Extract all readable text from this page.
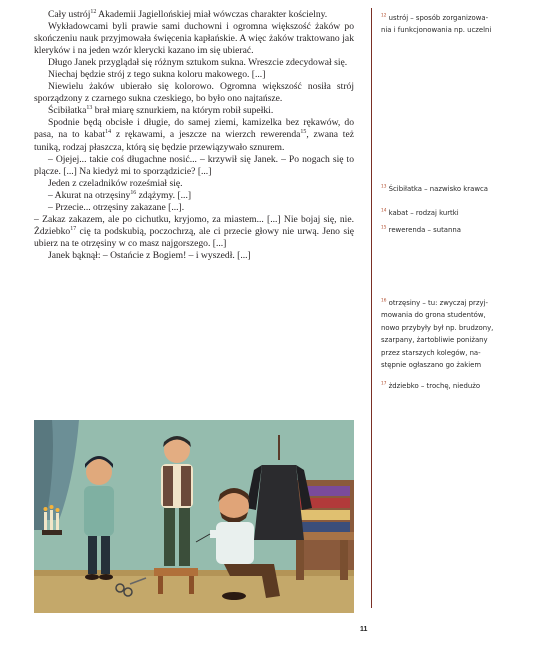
Cały ustrój$^{12}$ Akademii Jagiellońskiej miał wówczas charakter kościelny.

Wykładowcami byli prawie sami duchowni i ogromna większość żaków po skończeniu nauk przyjmowała święcenia kapłańskie. A więc żaków traktowano jak kleryków i na jeden wzór klerycki kazano im się ubierać.

Długo Janek przyglądał się różnym sztukom sukna. Wreszcie zdecydował się.

Niechaj będzie strój z tego sukna koloru makowego. [...]

Niewielu żaków ubierało się kolorowo. Ogromna większość nosiła strój sporządzony z czarnego sukna czeskiego, bo było ono najtańsze.

Ścibiłatka$^{13}$ brał miarę sznurkiem, na którym robił supełki.

Spodnie będą obcisłe i długie, do samej ziemi, kamizelka bez rękawów, do pasa, na to kabat$^{14}$ z rękawami, a jeszcze na wierzch rewerenda$^{15}$, zwana też tuniką, rodzaj płaszcza, którą się będzie przewiązywało sznurem.

– Ojejej... takie coś długachne nosić... – krzywił się Janek. – Po nogach się to plącze. [...] Na kiedyż mi to sporządzicie? [...]

Jeden z czeladników roześmiał się.

– Akurat na otrzęsiny$^{16}$ zdążymy. [...]

– Przecie... otrzęsiny zakazane [...].

– Zakaz zakazem, ale po cichutku, kryjomo, za miastem... [...] Nie bojaj się, nie. Żdziebko$^{17}$ cię ta podskubią, poczochrzą, ale ci przecie głowy nie urwą. Jeno się ubierz na te otrzęsiny w co masz najgorszego. [...]

Janek bąknął: – Ostańcie z Bogiem! – i wyszedł. [...]

$^{12}$ ustrój – sposób zorganizowa-
nia i funkcjonowania np. uczelni
$^{13}$ Ścibiłatka – nazwisko krawca
$^{14}$ kabat – rodzaj kurtki
$^{15}$ rewerenda – sutanna
$^{16}$ otrzęsiny – tu: zwyczaj przyj-
mowania do grona studentów,
nowo przybyły był np. brudzony,
szarpany, żartobliwie poniżany
przez starszych kolegów, na-
stępnie ogłaszano go żakiem
$^{17}$ żdziebko – trochę, niedużo
11
